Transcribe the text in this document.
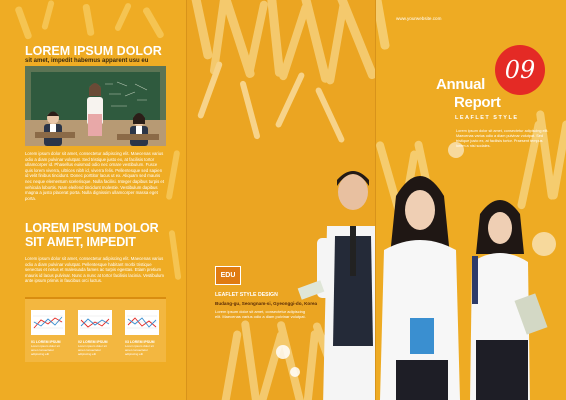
LOREM IPSUM DOLOR
sit amet, impedit habemus apparent usu eu
Lorem ipsum dolor sit amet, consectetur adipiscing elit. Maecenas varius odio a diam pulvinar volutpat. Sed tristique justo ex, at facilisis tortor ullamcorper id. Phasellus euismod odio nec ornare vestibulum. Fusce quis lorem viverra, ultrices nibh id, viverra felis. Pellentesque sed sapien id velit finibus tincidunt. Donec porttitor lacus ut ex. Aliquam sed mauris nec neque elementum scelerisque. Nulla facilisi. Integer dapibus turpis et vehicula lobortis. Nam eleifend tincidunt molestie. Vestibulum dapibus magna a justo placerat porta. Nulla dignissim ullamcorper massa eget porta.
LOREM IPSUM DOLOR
SIT AMET, IMPEDIT
Lorem ipsum dolor sit amet, consectetur adipiscing elit. Maecenas varius odio a diam pulvinar volutpat. Pellentesque habitant morbi tristique senectus et netus et malesuada fames ac turpis egestas. Etiam pretium mauris id lacus pulvinar. Nunc a nunc at tortor facilisis lacinia. Vestibulum ante ipsum primis in faucibus orci luctus.
01 LOREM IPSUM	02 LOREM IPSUM	03 LOREM IPSUM
Lorem ipsum dolor sit amet consectetur adipiscing elit
Lorem ipsum dolor sit amet consectetur adipiscing elit
Lorem ipsum dolor sit amet consectetur adipiscing elit
EDU
LEAFLET STYLE DESIGN
Budang-gu, Seongnam-si, Gyeonggi-do, Korea
Lorem ipsum dolor sit amet, consectetur adipiscing elit. Maecenas varius odio a diam pulvinar volutpat.
www.yourwebsite.com
Annual
Report
09
LEAFLET STYLE
Lorem ipsum dolor sit amet, consectetur adipiscing elit. Maecenas varius odio a diam pulvinar volutpat. Sed tristique justo ex, at facilisis tortor. Praesent tempus lorem a nisi sodales.
